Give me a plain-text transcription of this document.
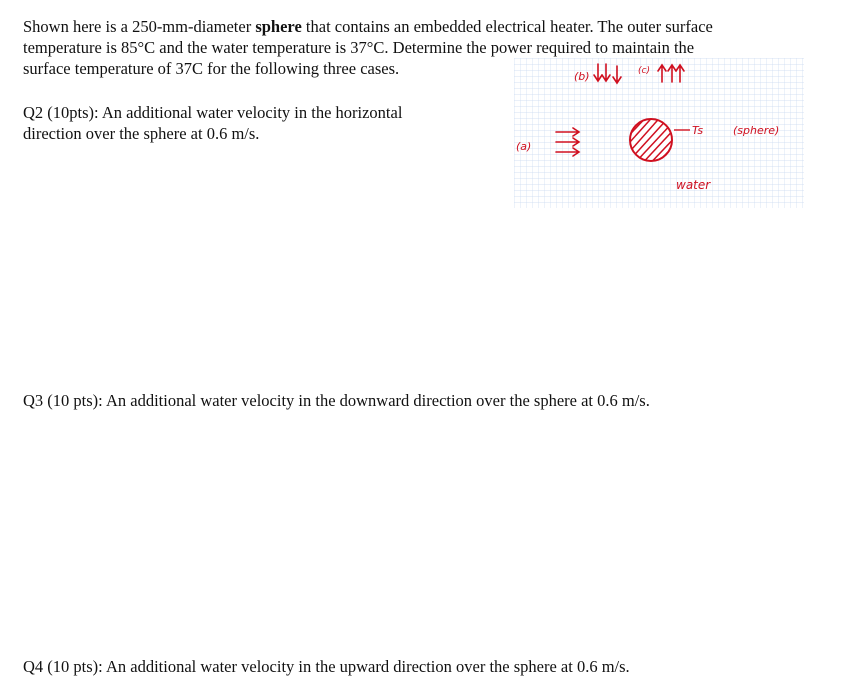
Shown here is a 250-mm-diameter sphere that contains an embedded electrical heater. The outer surface
temperature is 85°C and the water temperature is 37°C. Determine the power required to maintain the
surface temperature of 37C for the following three cases.

Q2 (10pts): An additional water velocity in the horizontal
direction over the sphere at 0.6 m/s.

(b)	(c)
(a)
Ts	(sphere)
water

Q3 (10 pts): An additional water velocity in the downward direction over the sphere at 0.6 m/s.

Q4 (10 pts): An additional water velocity in the upward direction over the sphere at 0.6 m/s.
